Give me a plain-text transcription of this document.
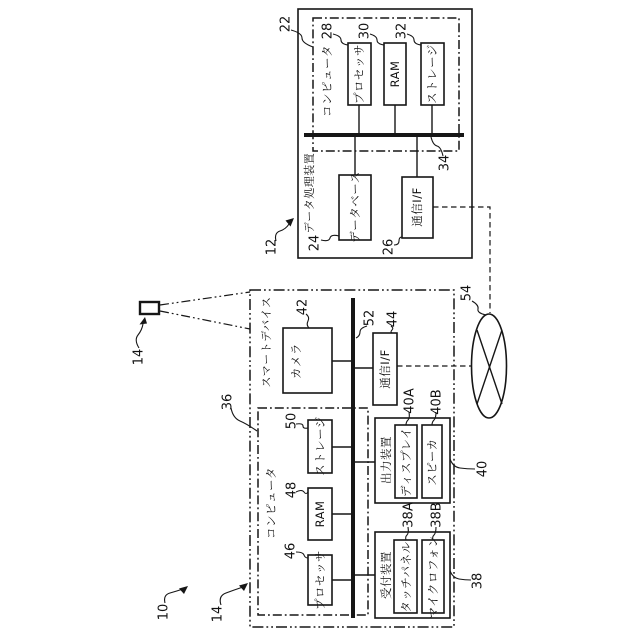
データ処理装置
コンピュータ プロセッサ RAM ストレージ
データベース	通信I/F
22 28 30 32
34
24	26
12
スマートデバイス カメラ	通信I/F
コンピュータ
ストレージ
RAM
プロセッサ
出力装置 ディスプレイ スピーカ
受付装置 タッチパネル マイクロフォン
42
52 44
36
50
48
46
40A 40B
40
38A 38B
38
54
14
10	14
